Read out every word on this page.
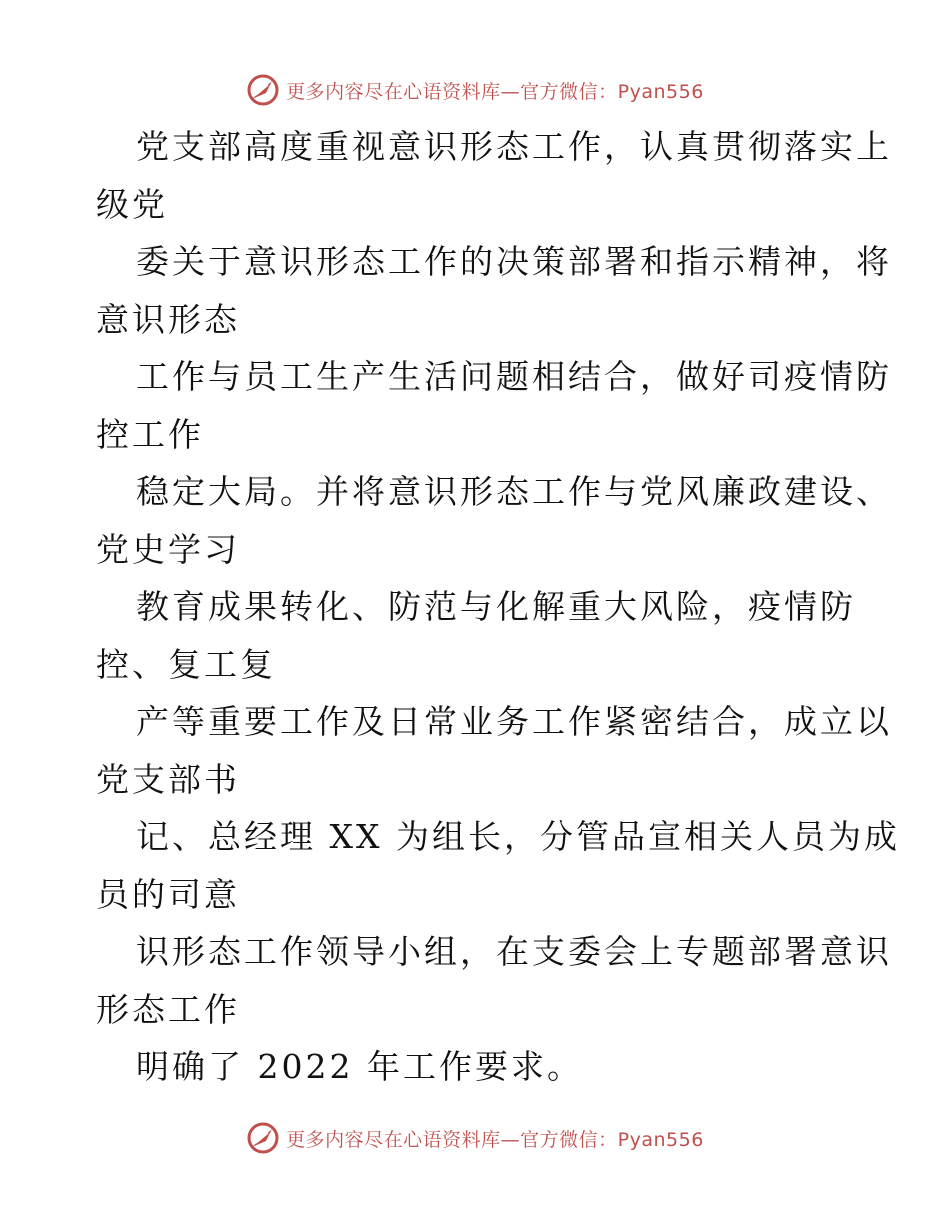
更多内容尽在心语资料库—官方微信：Pyan556
党支部高度重视意识形态工作，认真贯彻落实上
级党
委关于意识形态工作的决策部署和指示精神，将
意识形态
工作与员工生产生活问题相结合，做好司疫情防
控工作
稳定大局。并将意识形态工作与党风廉政建设、
党史学习
教育成果转化、防范与化解重大风险，疫情防
控、复工复
产等重要工作及日常业务工作紧密结合，成立以
党支部书
记、总经理 XX 为组长，分管品宣相关人员为成
员的司意
识形态工作领导小组，在支委会上专题部署意识
形态工作
明确了 2022 年工作要求。
更多内容尽在心语资料库—官方微信：Pyan556
